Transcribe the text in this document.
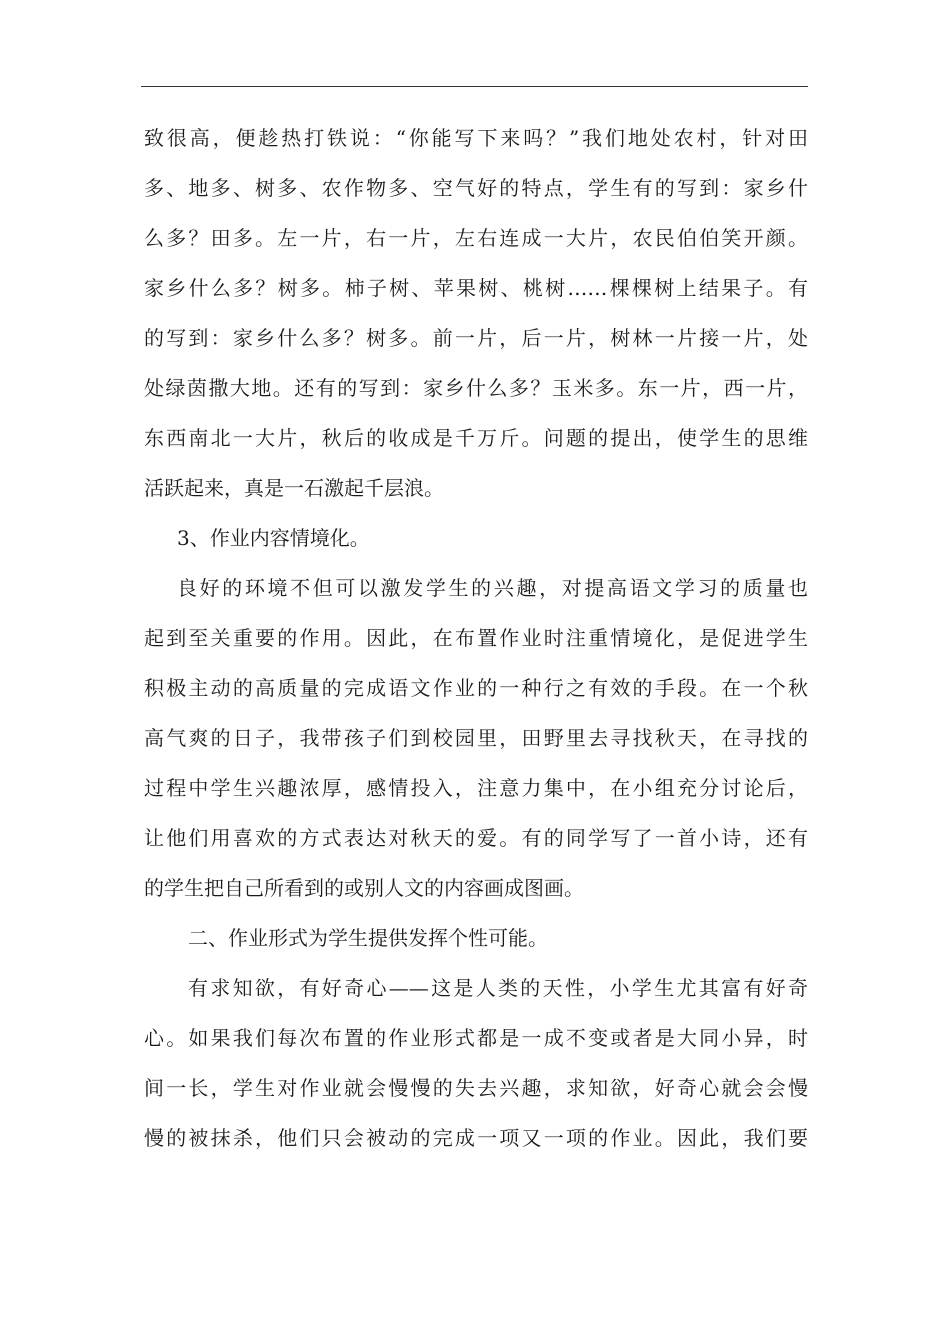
致很高，便趁热打铁说：“你能写下来吗？”我们地处农村，针对田
多、地多、树多、农作物多、空气好的特点，学生有的写到：家乡什
么多？田多。左一片，右一片，左右连成一大片，农民伯伯笑开颜。
家乡什么多？树多。柿子树、苹果树、桃树……棵棵树上结果子。有
的写到：家乡什么多？树多。前一片，后一片，树林一片接一片，处
处绿茵撒大地。还有的写到：家乡什么多？玉米多。东一片，西一片，
东西南北一大片，秋后的收成是千万斤。问题的提出，使学生的思维
活跃起来，真是一石激起千层浪。
3、作业内容情境化。
良好的环境不但可以激发学生的兴趣，对提高语文学习的质量也
起到至关重要的作用。因此，在布置作业时注重情境化，是促进学生
积极主动的高质量的完成语文作业的一种行之有效的手段。在一个秋
高气爽的日子，我带孩子们到校园里，田野里去寻找秋天，在寻找的
过程中学生兴趣浓厚，感情投入，注意力集中，在小组充分讨论后，
让他们用喜欢的方式表达对秋天的爱。有的同学写了一首小诗，还有
的学生把自己所看到的或别人文的内容画成图画。
二、作业形式为学生提供发挥个性可能。
有求知欲，有好奇心——这是人类的天性，小学生尤其富有好奇
心。如果我们每次布置的作业形式都是一成不变或者是大同小异，时
间一长，学生对作业就会慢慢的失去兴趣，求知欲，好奇心就会会慢
慢的被抹杀，他们只会被动的完成一项又一项的作业。因此，我们要
